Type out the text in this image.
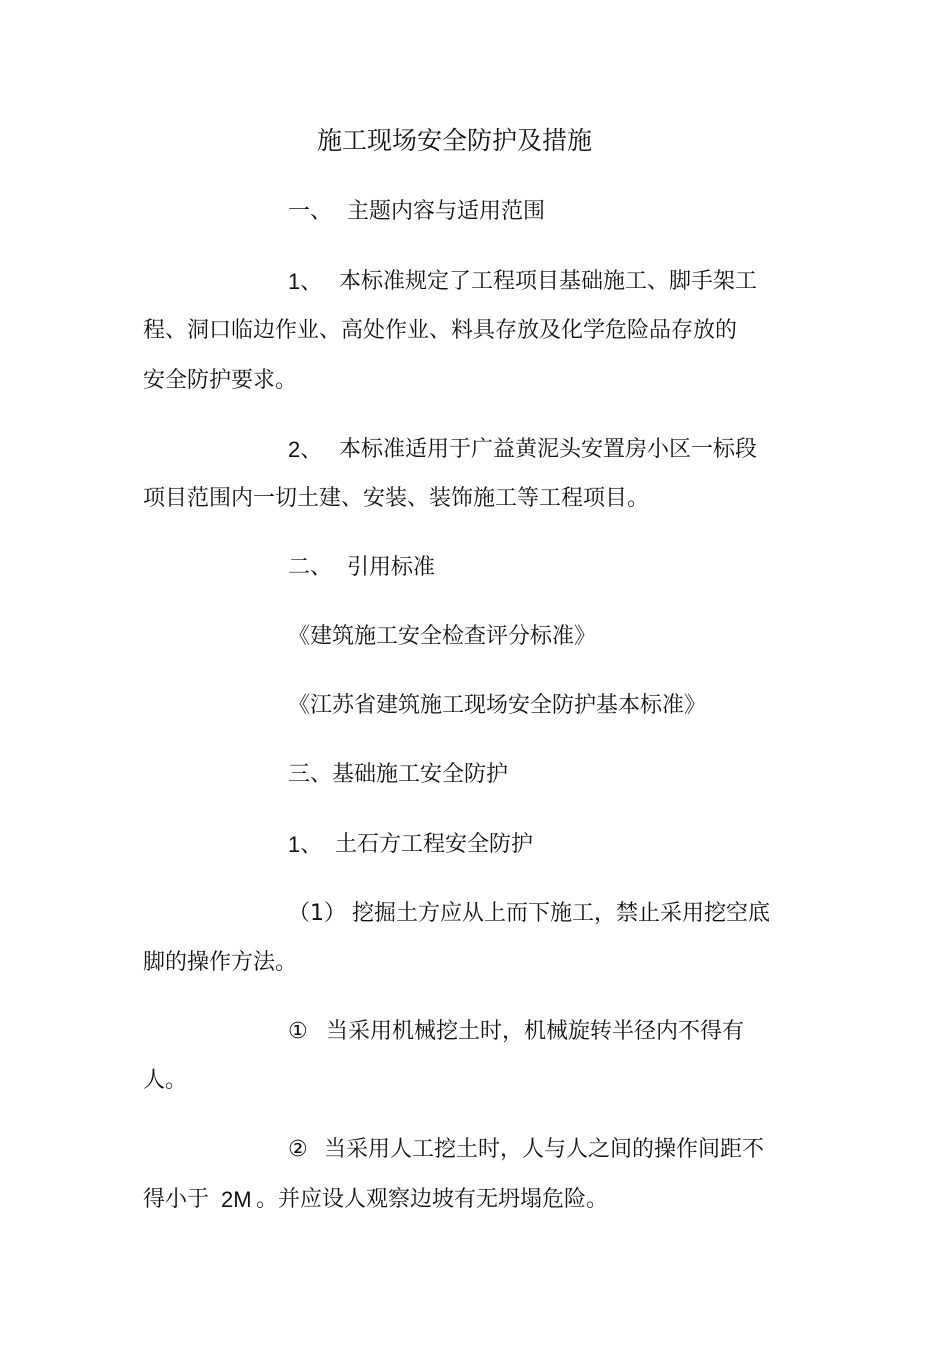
施工现场安全防护及措施
一、 主题内容与适用范围
1、 本标准规定了工程项目基础施工、脚手架工
程、洞口临边作业、高处作业、料具存放及化学危险品存放的
安全防护要求。
2、 本标准适用于广益黄泥头安置房小区一标段
项目范围内一切土建、安装、装饰施工等工程项目。
二、 引用标准
《建筑施工安全检查评分标准》
《江苏省建筑施工现场安全防护基本标准》
三、基础施工安全防护
1、 土石方工程安全防护
（1） 挖掘土方应从上而下施工，禁止采用挖空底
脚的操作方法。
① 当采用机械挖土时，机械旋转半径内不得有
人。
② 当采用人工挖土时，人与人之间的操作间距不
得小于 2M 。并应设人观察边坡有无坍塌危险。
